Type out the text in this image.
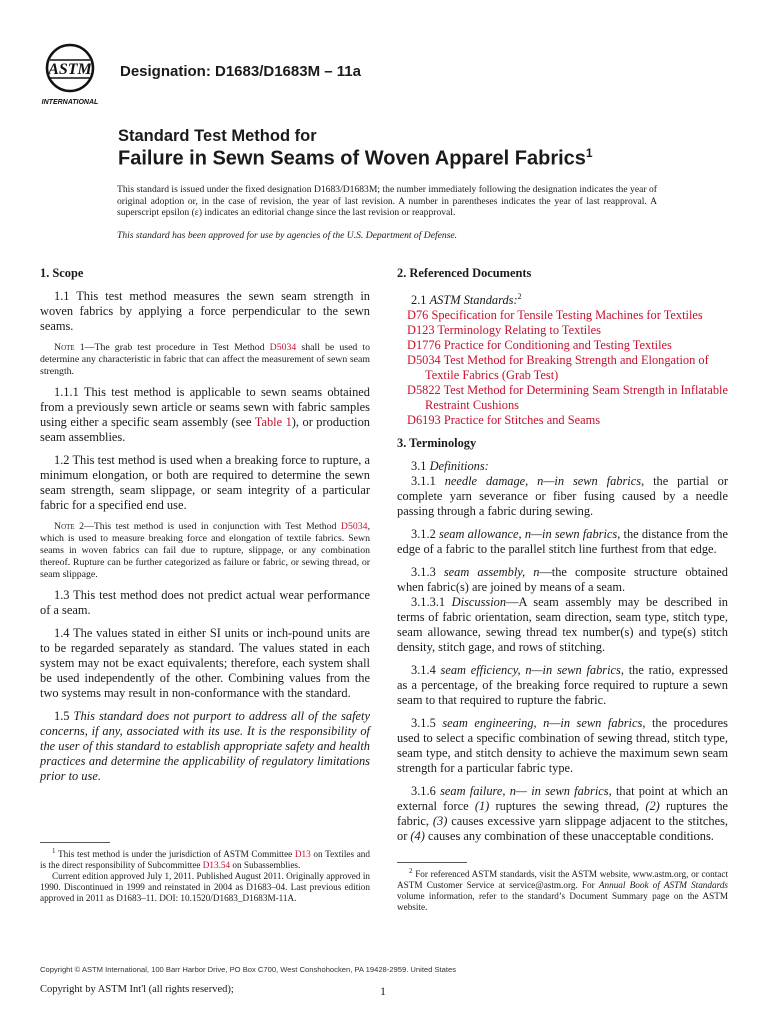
ASTM
INTERNATIONAL
Designation: D1683/D1683M – 11a
Standard Test Method for
Failure in Sewn Seams of Woven Apparel Fabrics$^1$
This standard is issued under the fixed designation D1683/D1683M; the number immediately following the designation indicates the year of original adoption or, in the case of revision, the year of last revision. A number in parentheses indicates the year of last reapproval. A superscript epsilon (ε) indicates an editorial change since the last revision or reapproval.
This standard has been approved for use by agencies of the U.S. Department of Defense.
1. Scope

1.1 This test method measures the sewn seam strength in woven fabrics by applying a force perpendicular to the sewn seams.

Note 1—The grab test procedure in Test Method D5034 shall be used to determine any characteristic in fabric that can affect the measurement of sewn seam strength.

1.1.1 This test method is applicable to sewn seams obtained from a previously sewn article or seams sewn with fabric samples using either a specific seam assembly (see Table 1), or production seam assemblies.

1.2 This test method is used when a breaking force to rupture, a minimum elongation, or both are required to determine the sewn seam strength, seam slippage, or seam integrity of a particular fabric for a specified end use.

Note 2—This test method is used in conjunction with Test Method D5034, which is used to measure breaking force and elongation of textile fabrics. Sewn seams in woven fabrics can fail due to rupture, slippage, or any combination thereof. Rupture can be further categorized as failure or fabric, or sewing thread, or seam slippage.

1.3 This test method does not predict actual wear performance of a seam.

1.4 The values stated in either SI units or inch-pound units are to be regarded separately as standard. The values stated in each system may not be exact equivalents; therefore, each system shall be used independently of the other. Combining values from the two systems may result in non-conformance with the standard.

1.5 This standard does not purport to address all of the safety concerns, if any, associated with its use. It is the responsibility of the user of this standard to establish appropriate safety and health practices and determine the applicability of regulatory limitations prior to use.

2. Referenced Documents

2.1 ASTM Standards:$^2$

D76 Specification for Tensile Testing Machines for Textiles

D123 Terminology Relating to Textiles

D1776 Practice for Conditioning and Testing Textiles

D5034 Test Method for Breaking Strength and Elongation of Textile Fabrics (Grab Test)

D5822 Test Method for Determining Seam Strength in Inflatable Restraint Cushions

D6193 Practice for Stitches and Seams

3. Terminology

3.1 Definitions:

3.1.1 needle damage, n—in sewn fabrics, the partial or complete yarn severance or fiber fusing caused by a needle passing through a fabric during sewing.

3.1.2 seam allowance, n—in sewn fabrics, the distance from the edge of a fabric to the parallel stitch line furthest from that edge.

3.1.3 seam assembly, n—the composite structure obtained when fabric(s) are joined by means of a seam.

3.1.3.1 Discussion—A seam assembly may be described in terms of fabric orientation, seam direction, seam type, stitch type, seam allowance, sewing thread tex number(s) and type(s) stitch density, stitch gage, and rows of stitching.

3.1.4 seam efficiency, n—in sewn fabrics, the ratio, expressed as a percentage, of the breaking force required to rupture a sewn seam to that required to rupture the fabric.

3.1.5 seam engineering, n—in sewn fabrics, the procedures used to select a specific combination of sewing thread, stitch type, seam type, and stitch density to achieve the maximum sewn seam strength for a particular fabric type.

3.1.6 seam failure, n— in sewn fabrics, that point at which an external force (1) ruptures the sewing thread, (2) ruptures the fabric, (3) causes excessive yarn slippage adjacent to the stitches, or (4) causes any combination of these unacceptable conditions.

$^1$ This test method is under the jurisdiction of ASTM Committee D13 on Textiles and is the direct responsibility of Subcommittee D13.54 on Subassemblies.

Current edition approved July 1, 2011. Published August 2011. Originally approved in 1990. Discontinued in 1999 and reinstated in 2004 as D1683–04. Last previous edition approved in 2011 as D1683–11. DOI: 10.1520/D1683_D1683M-11A.

$^2$ For referenced ASTM standards, visit the ASTM website, www.astm.org, or contact ASTM Customer Service at service@astm.org. For Annual Book of ASTM Standards volume information, refer to the standard’s Document Summary page on the ASTM website.

Copyright © ASTM International, 100 Barr Harbor Drive, PO Box C700, West Conshohocken, PA 19428-2959. United States
Copyright by ASTM Int'l (all rights reserved);	1
